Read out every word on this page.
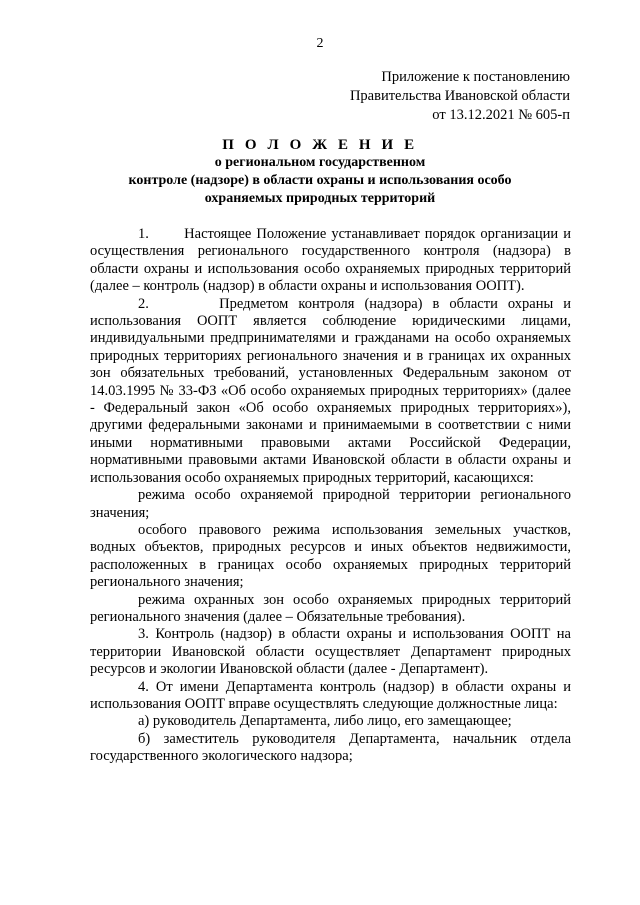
2
Приложение к постановлению
Правительства Ивановской области
от 13.12.2021 № 605-п
П О Л О Ж Е Н И Е
о региональном государственном
контроле (надзоре) в области охраны и использования особо
охраняемых природных территорий

1.       Настоящее Положение устанавливает порядок организации и осуществления регионального государственного контроля (надзора) в области охраны и использования особо охраняемых природных территорий (далее – контроль (надзор) в области охраны и использования ООПТ).

2.       Предметом контроля (надзора) в области охраны и использования ООПТ является соблюдение юридическими лицами, индивидуальными предпринимателями и гражданами на особо охраняемых природных территориях регионального значения и в границах их охранных зон обязательных требований, установленных Федеральным законом от 14.03.1995 № 33-ФЗ «Об особо охраняемых природных территориях» (далее - Федеральный закон «Об особо охраняемых природных территориях»), другими федеральными законами и принимаемыми в соответствии с ними иными нормативными правовыми актами Российской Федерации, нормативными правовыми актами Ивановской области в области охраны и использования особо охраняемых природных территорий, касающихся:

режима особо охраняемой природной территории регионального значения;

особого правового режима использования земельных участков, водных объектов, природных ресурсов и иных объектов недвижимости, расположенных в границах особо охраняемых природных территорий регионального значения;

режима охранных зон особо охраняемых природных территорий регионального значения (далее – Обязательные требования).

3. Контроль (надзор) в области охраны и использования ООПТ на территории Ивановской области осуществляет Департамент природных ресурсов и экологии Ивановской области (далее - Департамент).

4. От имени Департамента контроль (надзор) в области охраны и использования ООПТ вправе осуществлять следующие должностные лица:

а) руководитель Департамента, либо лицо, его замещающее;

б) заместитель руководителя Департамента, начальник отдела государственного экологического надзора;
